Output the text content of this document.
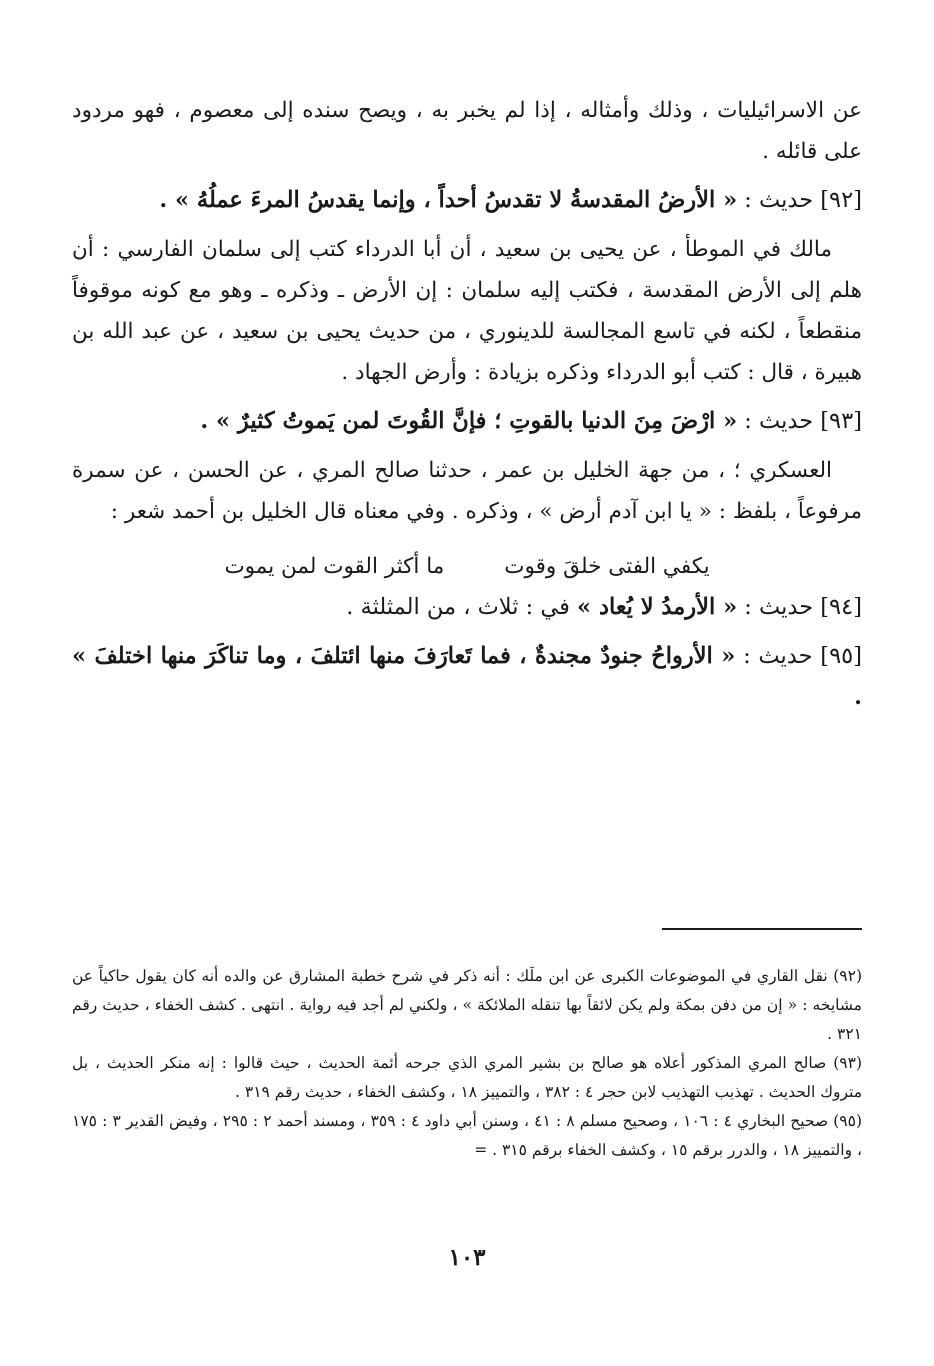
عن الاسرائيليات ، وذلك وأمثاله ، إذا لم يخبر به ، ويصح سنده إلى معصوم ، فهو مردود على قائله .

[٩٢] حديث : « الأرضُ المقدسةُ لا تقدسُ أحداً ، وإنما يقدسُ المرءَ عملُهُ » .

مالك في الموطأ ، عن يحيى بن سعيد ، أن أبا الدرداء كتب إلى سلمان الفارسي : أن هلم إلى الأرض المقدسة ، فكتب إليه سلمان : إن الأرض ـ وذكره ـ وهو مع كونه موقوفاً منقطعاً ، لكنه في تاسع المجالسة للدينوري ، من حديث يحيى بن سعيد ، عن عبد الله بن هبيرة ، قال : كتب أبو الدرداء وذكره بزيادة : وأرض الجهاد .

[٩٣] حديث : « ارْضَ مِنَ الدنيا بالقوتِ ؛ فإنَّ القُوتَ لمن يَموتُ كثيرٌ » .

العسكري ؛ ، من جهة الخليل بن عمر ، حدثنا صالح المري ، عن الحسن ، عن سمرة مرفوعاً ، بلفظ : « يا ابن آدم أرض » ، وذكره . وفي معناه قال الخليل بن أحمد شعر :

يكفي الفتى خلقَ وقوت
ما أكثر القوت لمن يموت

[٩٤] حديث : « الأرمدُ لا يُعاد » في : ثلاث ، من المثلثة .

[٩٥] حديث : « الأرواحُ جنودٌ مجندةٌ ، فما تَعارَفَ منها ائتلفَ ، وما تناكَرَ منها اختلفَ » .

(٩٢) نقل القاري في الموضوعات الكبرى عن ابن ملَك : أنه ذكر في شرح خطبة المشارق عن والده أنه كان يقول حاكياً عن مشايخه : « إن من دفن بمكة ولم يكن لائقاً بها تنقله الملائكة » ، ولكني لم أجد فيه رواية . انتهى . كشف الخفاء ، حديث رقم ٣٢١ .

(٩٣) صالح المري المذكور أعلاه هو صالح بن بشير المري الذي جرحه أئمة الحديث ، حيث قالوا : إنه منكر الحديث ، بل متروك الحديث . تهذيب التهذيب لابن حجر ٤ : ٣٨٢ ، والتمييز ١٨ ، وكشف الخفاء ، حديث رقم ٣١٩ .

(٩٥) صحيح البخاري ٤ : ١٠٦ ، وصحيح مسلم ٨ : ٤١ ، وسنن أبي داود ٤ : ٣٥٩ ، ومسند أحمد ٢ : ٢٩٥ ، وفيض القدير ٣ : ١٧٥ ، والتمييز ١٨ ، والدرر برقم ١٥ ، وكشف الخفاء برقم ٣١٥ . =

١٠٣
